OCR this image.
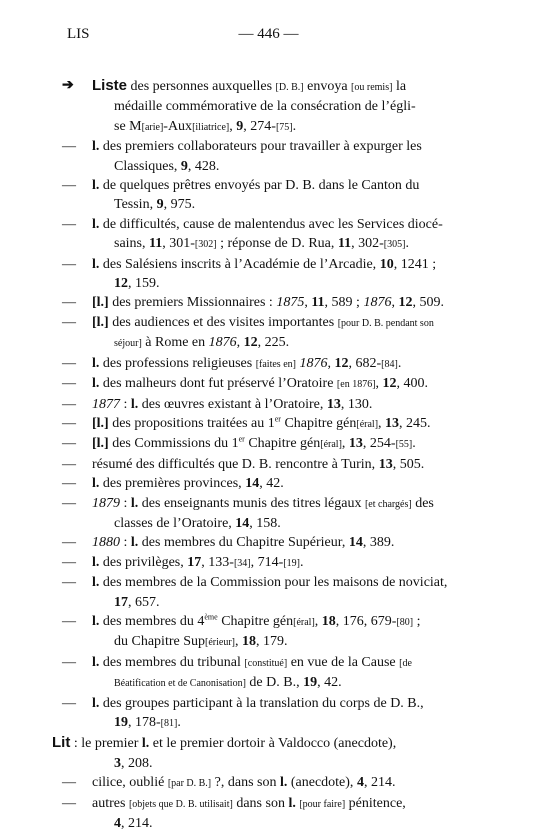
LIS	— 446 —
➔ Liste des personnes auxquelles [D. B.] envoya [ou remis] la
médaille commémorative de la consécration de l’égli-
se M[arie]-Aux[iliatrice], 9, 274-[75].
— l. des premiers collaborateurs pour travailler à expurger les
Classiques, 9, 428.
— l. de quelques prêtres envoyés par D. B. dans le Canton du
Tessin, 9, 975.
— l. de difficultés, cause de malentendus avec les Services diocé-
sains, 11, 301-[302] ; réponse de D. Rua, 11, 302-[305].
— l. des Salésiens inscrits à l’Académie de l’Arcadie, 10, 1241 ;
12, 159.
— [l.] des premiers Missionnaires : 1875, 11, 589 ; 1876, 12, 509.
— [l.] des audiences et des visites importantes [pour D. B. pendant son
séjour] à Rome en 1876, 12, 225.
— l. des professions religieuses [faites en] 1876, 12, 682-[84].
— l. des malheurs dont fut préservé l’Oratoire [en 1876], 12, 400.
— 1877 : l. des œuvres existant à l’Oratoire, 13, 130.
— [l.] des propositions traitées au 1er Chapitre gén[éral], 13, 245.
— [l.] des Commissions du 1er Chapitre gén[éral], 13, 254-[55].
— résumé des difficultés que D. B. rencontre à Turin, 13, 505.
— l. des premières provinces, 14, 42.
— 1879 : l. des enseignants munis des titres légaux [et chargés] des
classes de l’Oratoire, 14, 158.
— 1880 : l. des membres du Chapitre Supérieur, 14, 389.
— l. des privilèges, 17, 133-[34], 714-[19].
— l. des membres de la Commission pour les maisons de noviciat,
17, 657.
— l. des membres du 4ème Chapitre gén[éral], 18, 176, 679-[80] ;
du Chapitre Sup[érieur], 18, 179.
— l. des membres du tribunal [constitué] en vue de la Cause [de
Béatification et de Canonisation] de D. B., 19, 42.
— l. des groupes participant à la translation du corps de D. B.,
19, 178-[81].
Lit : le premier l. et le premier dortoir à Valdocco (anecdote),
3, 208.
— cilice, oublié [par D. B.] ?, dans son l. (anecdote), 4, 214.
— autres [objets que D. B. utilisait] dans son l. [pour faire] pénitence,
4, 214.
